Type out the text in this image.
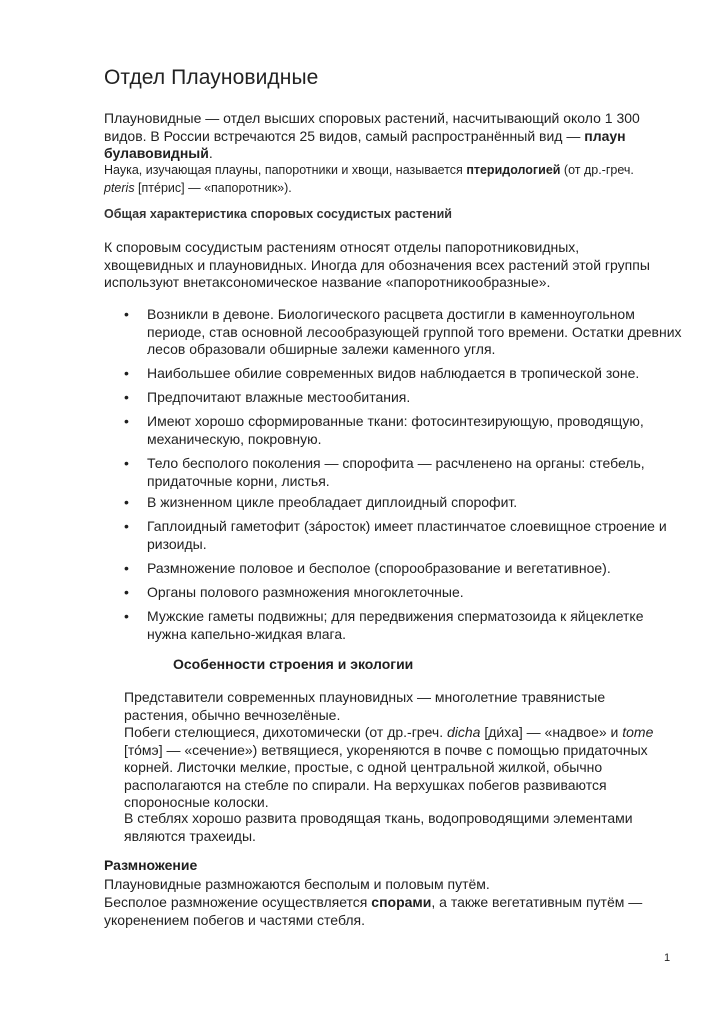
Отдел Плауновидные

Плауновидные — отдел высших споровых растений, насчитывающий около 1 300 видов. В России встречаются 25 видов, самый распространённый вид — плаун булавовидный.

Наука, изучающая плауны, папоротники и хвощи, называется птеридологией (от др.-греч. pteris [птéрис] — «папоротник»).

Общая характеристика споровых сосудистых растений

К споровым сосудистым растениям относят отделы папоротниковидных, хвощевидных и плауновидных. Иногда для обозначения всех растений этой группы используют внетаксономическое название «папоротникообразные».

• Возникли в девоне. Биологического расцвета достигли в каменноугольном периоде, став основной лесообразующей группой того времени. Остатки древних лесов образовали обширные залежи каменного угля.
• Наибольшее обилие современных видов наблюдается в тропической зоне.
• Предпочитают влажные местообитания.
• Имеют хорошо сформированные ткани: фотосинтезирующую, проводящую, механическую, покровную.
• Тело бесполого поколения — спорофита — расчленено на органы: стебель, придаточные корни, листья.
• В жизненном цикле преобладает диплоидный спорофит.
• Гаплоидный гаметофит (зáросток) имеет пластинчатое слоевищное строение и ризоиды.
• Размножение половое и бесполое (спорообразование и вегетативное).
• Органы полового размножения многоклеточные.
• Мужские гаметы подвижны; для передвижения сперматозоида к яйцеклетке нужна капельно-жидкая влага.
Особенности строения и экологии

Представители современных плауновидных — многолетние травянистые растения, обычно вечнозелёные.

Побеги стелющиеся, дихотомически (от др.-греч. dicha [ди́ха] — «надвое» и tome [то́мэ] — «сечение») ветвящиеся, укореняются в почве с помощью придаточных корней. Листочки мелкие, простые, с одной центральной жилкой, обычно располагаются на стебле по спирали. На верхушках побегов развиваются спороносные колоски.

В стеблях хорошо развита проводящая ткань, водопроводящими элементами являются трахеиды.

Размножение

Плауновидные размножаются бесполым и половым путём.

Бесполое размножение осуществляется спорами, а также вегетативным путём — укоренением побегов и частями стебля.

1
